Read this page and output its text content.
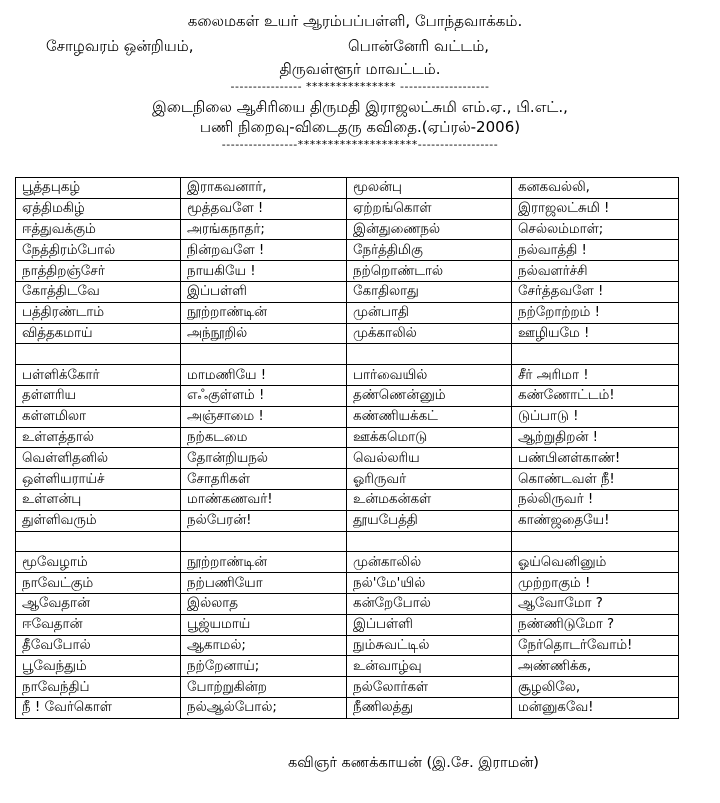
கலைமகள் உயர் ஆரம்பப்பள்ளி, போந்தவாக்கம்.
சோழவரம் ஒன்றியம்,	பொன்னேரி வட்டம்,
திருவள்ளூர் மாவட்டம்.
---------------- *************** --------------------
இடைநிலை ஆசிரியை திருமதி இராஜலட்சுமி எம்.ஏ., பி.எட்.,
பணி நிறைவு-விடைதரு கவிதை.(ஏப்ரல்-2006)
-----------------********************------------------
பூத்தபுகழ்	இராகவனார்,	மூலன்பு	கனகவல்லி,
ஏத்திமகிழ்	மூத்தவளே !	ஏற்றங்கொள்	இராஜலட்சுமி !
ஈத்துவக்கும்	அரங்கநாதர்;	இன்துணைநல்	செல்லம்மாள்;
நேத்திரம்போல்	நின்றவளே !	நேர்த்திமிகு	நல்வாத்தி !
நாத்திறஞ்சேர்	நாயகியே !	நற்றொண்டால்	நல்வளர்ச்சி
கோத்திடவே	இப்பள்ளி	கோதிலாது	சேர்த்தவளே !
பத்திரண்டாம்	நூற்றாண்டின்	முன்பாதி	நற்றோற்றம் !
வித்தகமாய்	அந்நூறில்	முக்காலில்	ஊழியமே !

பள்ளிக்கோர்	மாமணியே !	பார்வையில்	சீர் அரிமா !
தள்ளரிய	எஃகுள்ளம் !	தண்ணென்னும்	கண்ணோட்டம்!
கள்ளமிலா	அஞ்சாமை !	கண்ணியக்கட்	டுப்பாடு !
உள்ளத்தால்	நற்கடமை	ஊக்கமொடு	ஆற்றுதிறன் !
வெள்ளிதனில்	தோன்றியநல்	வெல்லரிய	பண்பினள்காண்!
ஒள்ளியராய்ச்	சோதரிகள்	ஓரிருவர்	கொண்டவள் நீ!
உள்ளன்பு	மாண்கணவர்!	உன்மகன்கள்	நல்லிருவர் !
துள்ளிவரும்	நல்பேரன்!	தூயபேத்தி	காண்ஜதையே!

மூவேழாம்	நூற்றாண்டின்	முன்காலில்	ஓய்வெனினும்
நாவேட்கும்	நற்பணியோ	நல்'மே'யில்	முற்றாகும் !
ஆவேதான்	இல்லாத	கன்றேபோல்	ஆவோமோ ?
ஈவேதான்	பூஜ்யமாய்	இப்பள்ளி	நண்ணிடுமோ ?
தீவேபோல்	ஆகாமல்;	நும்சுவட்டில்	நேர்தொடர்வோம்!
பூவேந்தும்	நற்றேனாய்;	உன்வாழ்வு	அண்ணிக்க,
நாவேந்திப்	போற்றுகின்ற	நல்லோர்கள்	சூழலிலே,
நீ ! வேர்கொள்	நல்ஆல்போல்;	நீணிலத்து	மன்னுகவே!
கவிஞர் கணக்காயன் (இ.சே. இராமன்)
